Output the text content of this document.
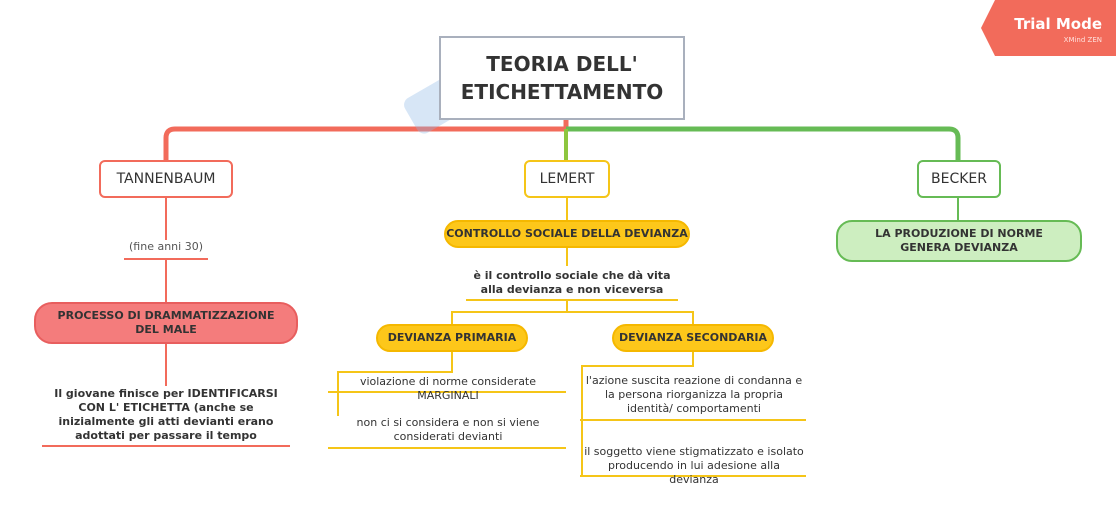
TEORIA DELL' ETICHETTAMENTO
TANNENBAUM
(fine anni 30)
PROCESSO DI DRAMMATIZZAZIONE DEL MALE
Il giovane finisce per IDENTIFICARSI CON L' ETICHETTA (anche se inizialmente gli atti devianti erano adottati per passare il tempo
LEMERT
CONTROLLO SOCIALE DELLA DEVIANZA
è il controllo sociale che dà vita alla devianza e non viceversa
DEVIANZA PRIMARIA	DEVIANZA SECONDARIA
violazione di norme considerate MARGINALI
non ci si considera e non si viene considerati devianti
l'azione suscita reazione di condanna e la persona riorganizza la propria identità/ comportamenti
il soggetto viene stigmatizzato e isolato producendo in lui adesione alla devianza
BECKER
LA PRODUZIONE DI NORME GENERA DEVIANZA
Trial Mode
XMind ZEN
